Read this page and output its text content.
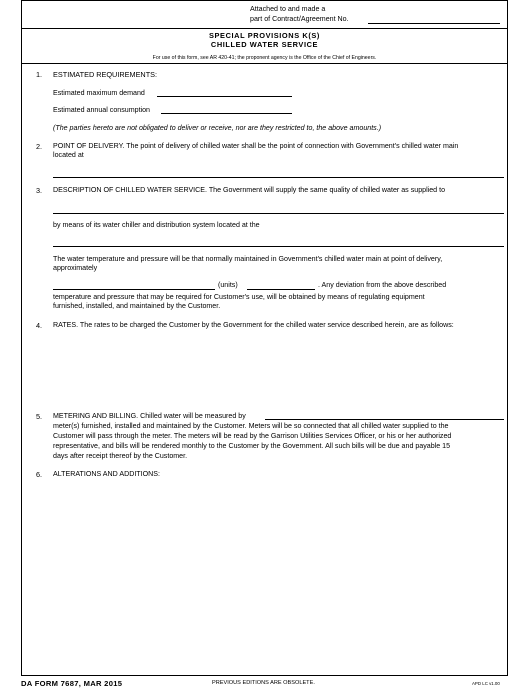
Attached to and made a
part of Contract/Agreement No.
SPECIAL PROVISIONS K(S)
CHILLED WATER SERVICE
For use of this form, see AR 420-41; the proponent agency is the Office of the Chief of Engineers.
1. ESTIMATED REQUIREMENTS:
Estimated maximum demand
Estimated annual consumption
(The parties hereto are not obligated to deliver or receive, nor are they restricted to, the above amounts.)
2. POINT OF DELIVERY. The point of delivery of chilled water shall be the point of connection with Government's chilled water main
located at
3. DESCRIPTION OF CHILLED WATER SERVICE. The Government will supply the same quality of chilled water as supplied to
by means of its water chiller and distribution system located at the
The water temperature and pressure will be that normally maintained in Government's chilled water main at point of delivery,
approximately
(units)	. Any deviation from the above described
temperature and pressure that may be required for Customer's use, will be obtained by means of regulating equipment
furnished, installed, and maintained by the Customer.
4. RATES. The rates to be charged the Customer by the Government for the chilled water service described herein, are as follows:
5. METERING AND BILLING. Chilled water will be measured by
meter(s) furnished, installed and maintained by the Customer. Meters will be so connected that all chilled water supplied to the
Customer will pass through the meter. The meters will be read by the Garrison Utilities Services Officer, or his or her authorized
representative, and bills will be rendered monthly to the Customer by the Government. All such bills will be due and payable 15
days after receipt thereof by the Customer.
6. ALTERATIONS AND ADDITIONS:
DA FORM 7687, MAR 2015	PREVIOUS EDITIONS ARE OBSOLETE.	APD LC v1.00
